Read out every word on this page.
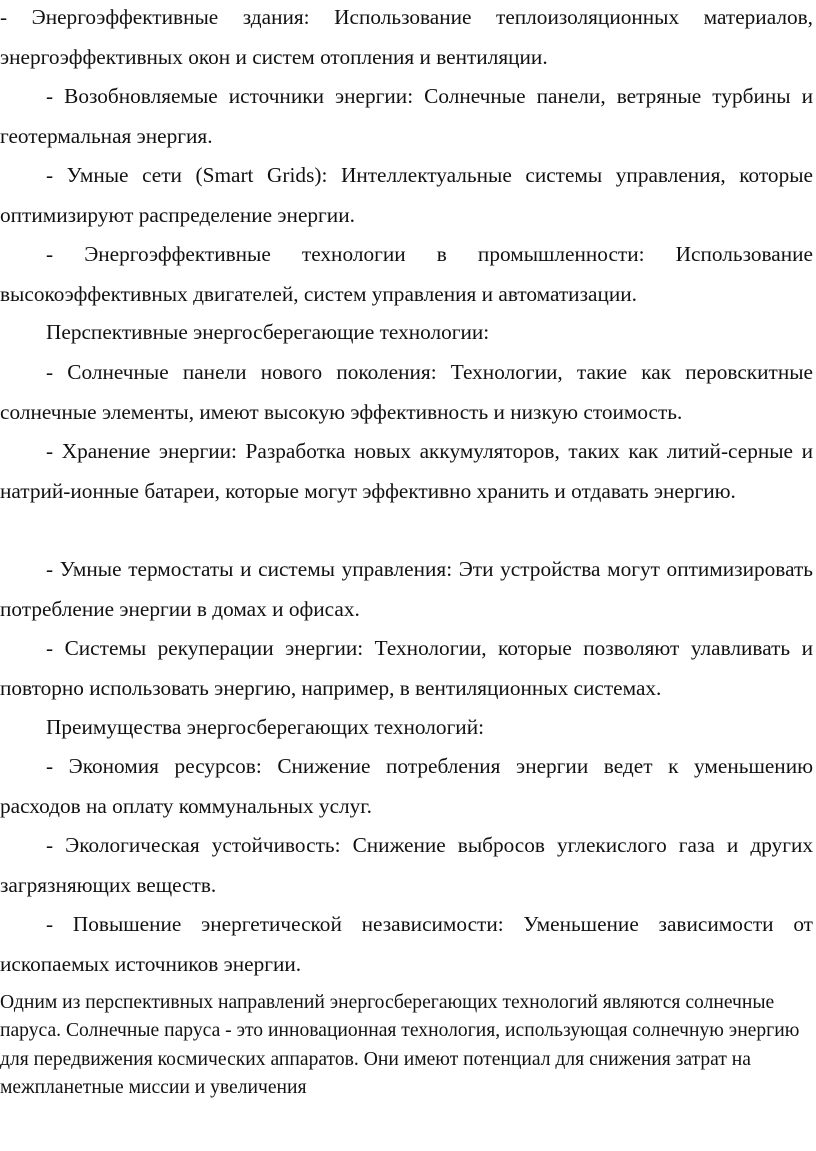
- Энергоэффективные здания: Использование теплоизоляционных материалов, энергоэффективных окон и систем отопления и вентиляции.

- Возобновляемые источники энергии: Солнечные панели, ветряные турбины и геотермальная энергия.

- Умные сети (Smart Grids): Интеллектуальные системы управления, которые оптимизируют распределение энергии.

- Энергоэффективные технологии в промышленности: Использование высокоэффективных двигателей, систем управления и автоматизации.

Перспективные энергосберегающие технологии:

- Солнечные панели нового поколения: Технологии, такие как перовскитные солнечные элементы, имеют высокую эффективность и низкую стоимость.

- Хранение энергии: Разработка новых аккумуляторов, таких как литий-серные и натрий-ионные батареи, которые могут эффективно хранить и отдавать энергию.

- Умные термостаты и системы управления: Эти устройства могут оптимизировать потребление энергии в домах и офисах.

- Системы рекуперации энергии: Технологии, которые позволяют улавливать и повторно использовать энергию, например, в вентиляционных системах.

Преимущества энергосберегающих технологий:

- Экономия ресурсов: Снижение потребления энергии ведет к уменьшению расходов на оплату коммунальных услуг.

- Экологическая устойчивость: Снижение выбросов углекислого газа и других загрязняющих веществ.

- Повышение энергетической независимости: Уменьшение зависимости от ископаемых источников энергии.

Одним из перспективных направлений энергосберегающих технологий являются солнечные паруса. Солнечные паруса - это инновационная технология, использующая солнечную энергию для передвижения космических аппаратов. Они имеют потенциал для снижения затрат на межпланетные миссии и увеличения
